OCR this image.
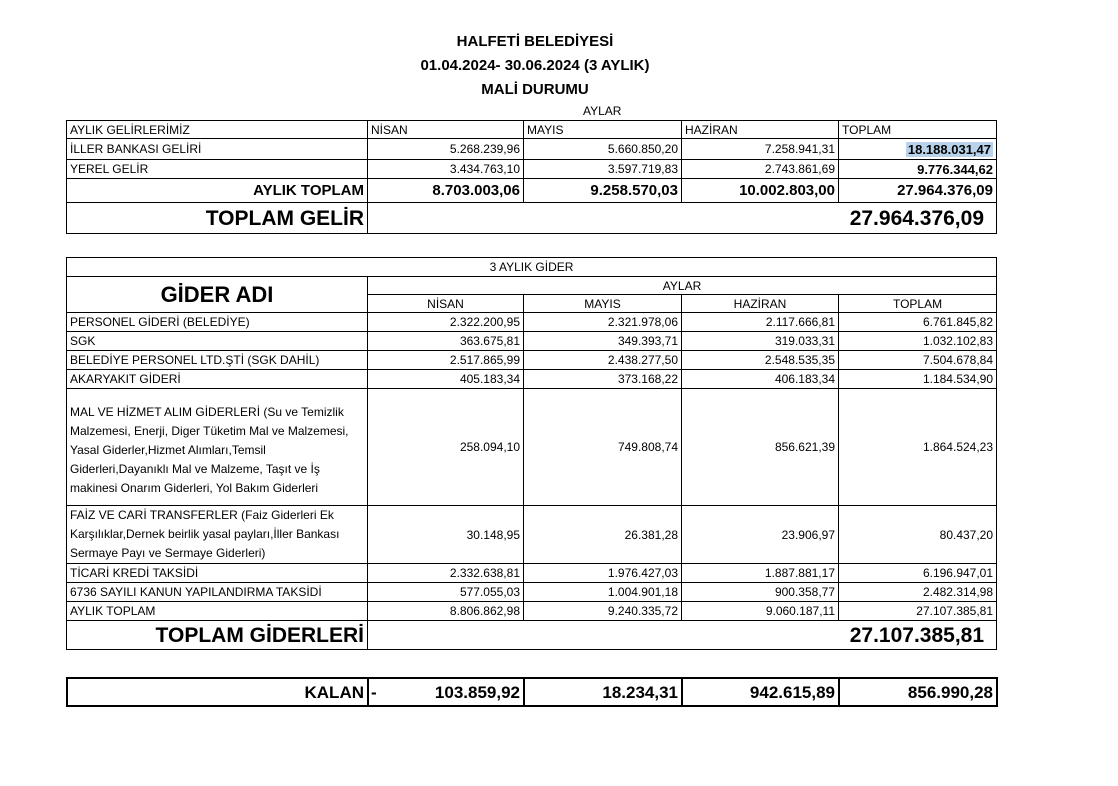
HALFETİ BELEDİYESİ
01.04.2024- 30.06.2024 (3 AYLIK)
MALİ DURUMU
AYLAR
AYLIK GELİRLERİMİZ	NİSAN	MAYIS	HAZİRAN	TOPLAM
İLLER BANKASI GELİRİ	5.268.239,96	5.660.850,20	7.258.941,31	18.188.031,47
YEREL GELİR	3.434.763,10	3.597.719,83	2.743.861,69	9.776.344,62
AYLIK TOPLAM	8.703.003,06	9.258.570,03	10.002.803,00	27.964.376,09
TOPLAM GELİR	27.964.376,09			
3 AYLIK GİDER				
GİDER ADI	AYLAR			
	NİSAN	MAYIS	HAZİRAN	TOPLAM
PERSONEL GİDERİ (BELEDİYE)	2.322.200,95	2.321.978,06	2.117.666,81	6.761.845,82
SGK	363.675,81	349.393,71	319.033,31	1.032.102,83
BELEDİYE PERSONEL LTD.ŞTİ (SGK DAHİL)	2.517.865,99	2.438.277,50	2.548.535,35	7.504.678,84
AKARYAKIT GİDERİ	405.183,34	373.168,22	406.183,34	1.184.534,90
MAL VE HİZMET ALIM GİDERLERİ (Su ve Temizlik Malzemesi, Enerji, Diger Tüketim Mal ve Malzemesi, Yasal Giderler,Hizmet Alımları,Temsil Giderleri,Dayanıklı Mal ve Malzeme, Taşıt ve İş makinesi Onarım Giderleri, Yol Bakım Giderleri	258.094,10	749.808,74	856.621,39	1.864.524,23
FAİZ VE CARİ TRANSFERLER (Faiz Giderleri Ek Karşılıklar,Dernek beirlik yasal payları,İller Bankası Sermaye Payı ve Sermaye Giderleri)	30.148,95	26.381,28	23.906,97	80.437,20
TİCARİ KREDİ TAKSİDİ	2.332.638,81	1.976.427,03	1.887.881,17	6.196.947,01
6736 SAYILI KANUN YAPILANDIRMA TAKSİDİ	577.055,03	1.004.901,18	900.358,77	2.482.314,98
AYLIK TOPLAM	8.806.862,98	9.240.335,72	9.060.187,11	27.107.385,81
TOPLAM GİDERLERİ	27.107.385,81			
KALAN	-	103.859,92	18.234,31	942.615,89	856.990,28
